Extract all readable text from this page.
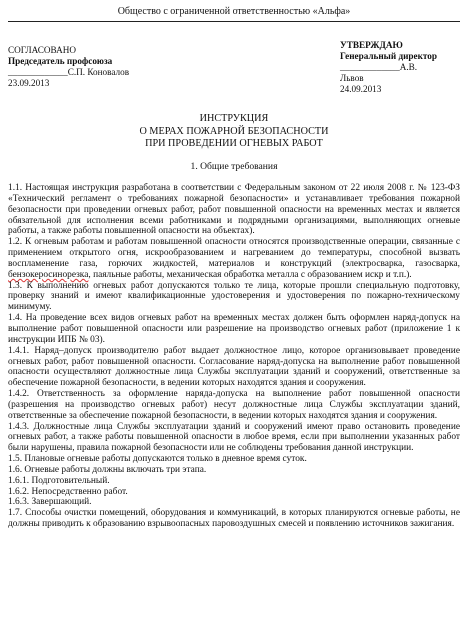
Общество с ограниченной ответственностью «Альфа»
СОГЛАСОВАНО
Председатель профсоюза
_____________С.П. Коновалов
23.09.2013
УТВЕРЖДАЮ
Генеральный директор
_____________А.В.
Львов
24.09.2013
ИНСТРУКЦИЯ
О МЕРАХ ПОЖАРНОЙ БЕЗОПАСНОСТИ
ПРИ ПРОВЕДЕНИИ ОГНЕВЫХ РАБОТ
1. Общие требования

1.1. Настоящая инструкция разработана в соответствии с Федеральным законом от 22 июля 2008 г. № 123-ФЗ «Технический регламент о требованиях пожарной безопасности» и устанавливает требования пожарной безопасности при проведении огневых работ, работ повышенной опасности на временных местах и является обязательной для исполнения всеми работниками и подрядными организациями, выполняющих огневые работы, а также работы повышенной опасности на объектах).

1.2. К огневым работам и работам повышенной опасности относятся производственные операции, связанные с применением открытого огня, искрообразованием и нагреванием до температуры, способной вызвать воспламенение газа, горючих жидкостей, материалов и конструкций (электросварка, газосварка, бензокеросинорезка, паяльные работы, механическая обработка металла с образованием искр и т.п.).

1.3. К выполнению огневых работ допускаются только те лица, которые прошли специальную подготовку, проверку знаний и имеют квалификационные удостоверения и удостоверения по пожарно-техническому минимуму.

1.4. На проведение всех видов огневых работ на временных местах должен быть оформлен наряд-допуск на выполнение работ повышенной опасности или разрешение на производство огневых работ (приложение 1 к инструкции ИПБ № 03).

1.4.1. Наряд–допуск производителю работ выдает должностное лицо, которое организовывает проведение огневых работ, работ повышенной опасности. Согласование наряд-допуска на выполнение работ повышенной опасности осуществляют должностные лица Службы эксплуатации зданий и сооружений, ответственные за обеспечение пожарной безопасности, в ведении которых находятся здания и сооружения.

1.4.2. Ответственность за оформление наряда-допуска на выполнение работ повышенной опасности (разрешения на производство огневых работ) несут должностные лица Службы эксплуатации зданий, ответственные за обеспечение пожарной безопасности, в ведении которых находятся здания и сооружения.

1.4.3. Должностные лица Службы эксплуатации зданий и сооружений имеют право остановить проведение огневых работ, а также работы повышенной опасности в любое время, если при выполнении указанных работ были нарушены, правила пожарной безопасности или не соблюдены требования данной инструкции.

1.5. Плановые огневые работы допускаются только в дневное время суток.

1.6. Огневые работы должны включать три этапа.

1.6.1. Подготовительный.

1.6.2. Непосредственно работ.

1.6.3. Завершающий.

1.7. Способы очистки помещений, оборудования и коммуникаций, в которых планируются огневые работы, не должны приводить к образованию взрывоопасных паровоздушных смесей и появлению источников зажигания.
